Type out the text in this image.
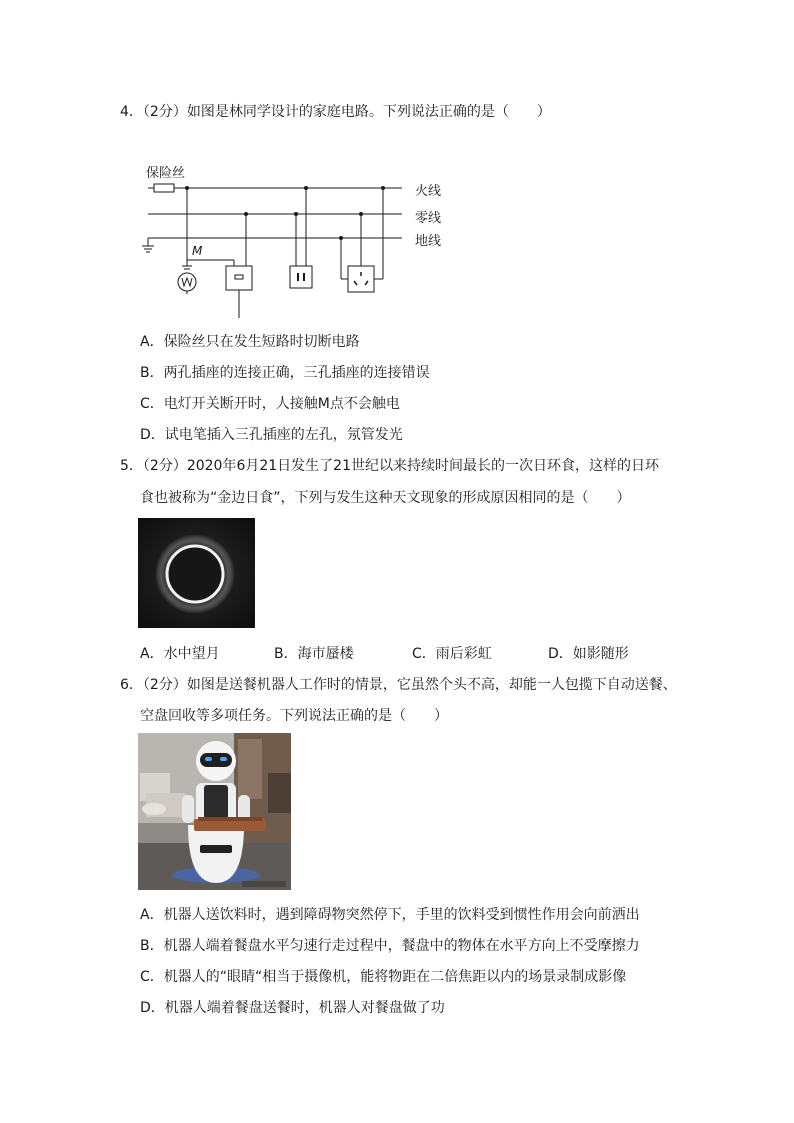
4．（2分）如图是林同学设计的家庭电路。下列说法正确的是（　　）
保险丝
火线
零线
地线
M
A．保险丝只在发生短路时切断电路
B．两孔插座的连接正确，三孔插座的连接错误
C．电灯开关断开时，人接触M点不会触电
D．试电笔插入三孔插座的左孔，氖管发光
5．（2分）2020年6月21日发生了21世纪以来持续时间最长的一次日环食，这样的日环
食也被称为“金边日食”，下列与发生这种天文现象的形成原因相同的是（　　）
A．水中望月	B．海市蜃楼	C．雨后彩虹	D．如影随形
6．（2分）如图是送餐机器人工作时的情景，它虽然个头不高，却能一人包揽下自动送餐、
空盘回收等多项任务。下列说法正确的是（　　）
A．机器人送饮料时，遇到障碍物突然停下，手里的饮料受到惯性作用会向前洒出
B．机器人端着餐盘水平匀速行走过程中，餐盘中的物体在水平方向上不受摩擦力
C．机器人的“眼睛“相当于摄像机，能将物距在二倍焦距以内的场景录制成影像
D．机器人端着餐盘送餐时，机器人对餐盘做了功
